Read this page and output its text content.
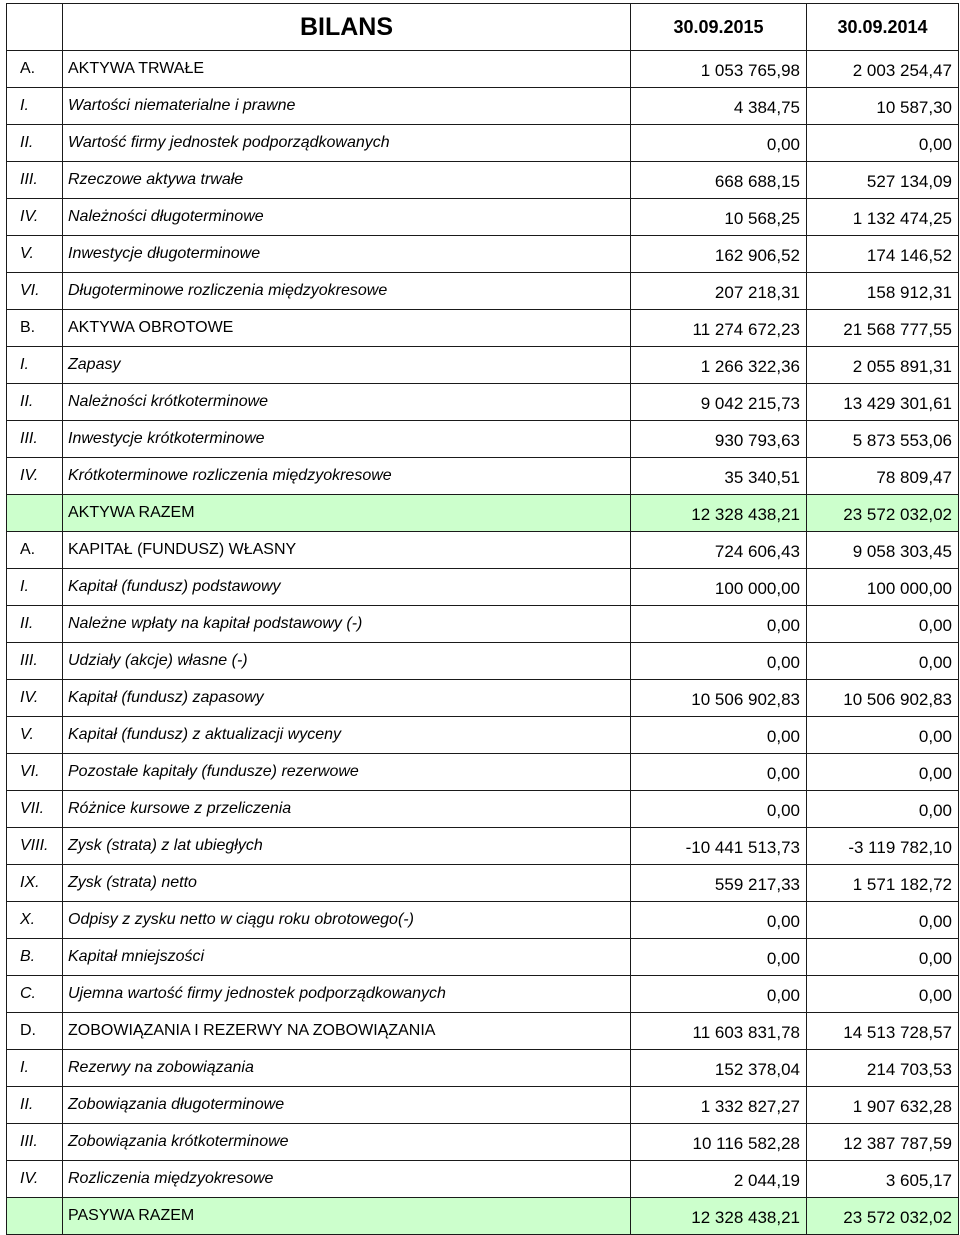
	BILANS	30.09.2015	30.09.2014
A.	AKTYWA TRWAŁE	1 053 765,98	2 003 254,47
I.	Wartości niematerialne i prawne	4 384,75	10 587,30
II.	Wartość firmy jednostek podporządkowanych	0,00	0,00
III.	Rzeczowe aktywa trwałe	668 688,15	527 134,09
IV.	Należności długoterminowe	10 568,25	1 132 474,25
V.	Inwestycje długoterminowe	162 906,52	174 146,52
VI.	Długoterminowe rozliczenia międzyokresowe	207 218,31	158 912,31
B.	AKTYWA OBROTOWE	11 274 672,23	21 568 777,55
I.	Zapasy	1 266 322,36	2 055 891,31
II.	Należności krótkoterminowe	9 042 215,73	13 429 301,61
III.	Inwestycje krótkoterminowe	930 793,63	5 873 553,06
IV.	Krótkoterminowe rozliczenia międzyokresowe	35 340,51	78 809,47
	AKTYWA RAZEM	12 328 438,21	23 572 032,02
A.	KAPITAŁ (FUNDUSZ) WŁASNY	724 606,43	9 058 303,45
I.	Kapitał (fundusz) podstawowy	100 000,00	100 000,00
II.	Należne wpłaty na kapitał podstawowy (-)	0,00	0,00
III.	Udziały (akcje) własne (-)	0,00	0,00
IV.	Kapitał (fundusz) zapasowy	10 506 902,83	10 506 902,83
V.	Kapitał (fundusz) z aktualizacji wyceny	0,00	0,00
VI.	Pozostałe kapitały (fundusze) rezerwowe	0,00	0,00
VII.	Różnice kursowe z przeliczenia	0,00	0,00
VIII.	Zysk (strata) z lat ubiegłych	-10 441 513,73	-3 119 782,10
IX.	Zysk (strata) netto	559 217,33	1 571 182,72
X.	Odpisy z zysku netto w ciągu roku obrotowego(-)	0,00	0,00
B.	Kapitał mniejszości	0,00	0,00
C.	Ujemna wartość firmy jednostek podporządkowanych	0,00	0,00
D.	ZOBOWIĄZANIA I REZERWY NA ZOBOWIĄZANIA	11 603 831,78	14 513 728,57
I.	Rezerwy na zobowiązania	152 378,04	214 703,53
II.	Zobowiązania długoterminowe	1 332 827,27	1 907 632,28
III.	Zobowiązania krótkoterminowe	10 116 582,28	12 387 787,59
IV.	Rozliczenia międzyokresowe	2 044,19	3 605,17
	PASYWA RAZEM	12 328 438,21	23 572 032,02
